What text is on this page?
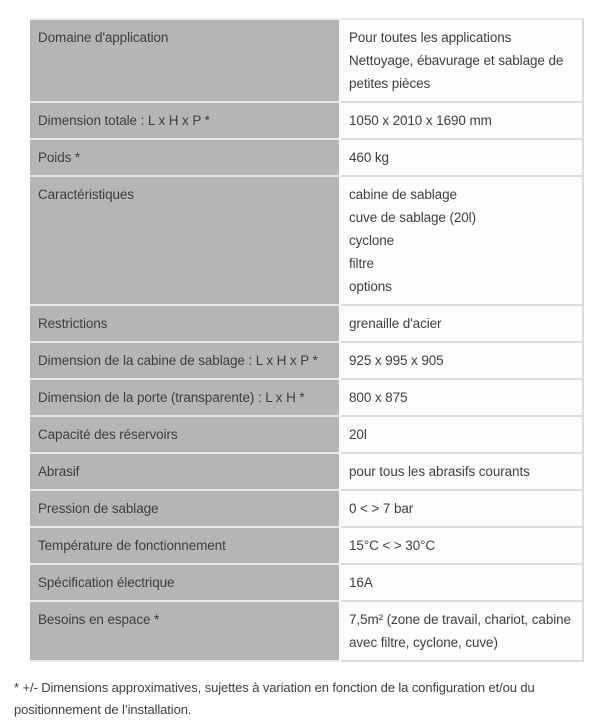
Domaine d'application	Pour toutes les applications
Nettoyage, ébavurage et sablage de petites pièces
Dimension totale : L x H x P *	1050 x 2010 x 1690 mm
Poids *	460 kg
Caractéristiques	cabine de sablage
cuve de sablage (20l)
cyclone
filtre
options
Restrictions	grenaille d'acier
Dimension de la cabine de sablage : L x H x P *	925 x 995 x 905
Dimension de la porte (transparente) : L x H *	800 x 875
Capacité des réservoirs	20l
Abrasif	pour tous les abrasifs courants
Pression de sablage	0 < > 7 bar
Température de fonctionnement	15°C < > 30°C
Spécification électrique	16A
Besoins en espace *	7,5m² (zone de travail, chariot, cabine avec filtre, cyclone, cuve)

* +/- Dimensions approximatives, sujettes à variation en fonction de la configuration et/ou du positionnement de l’installation.
